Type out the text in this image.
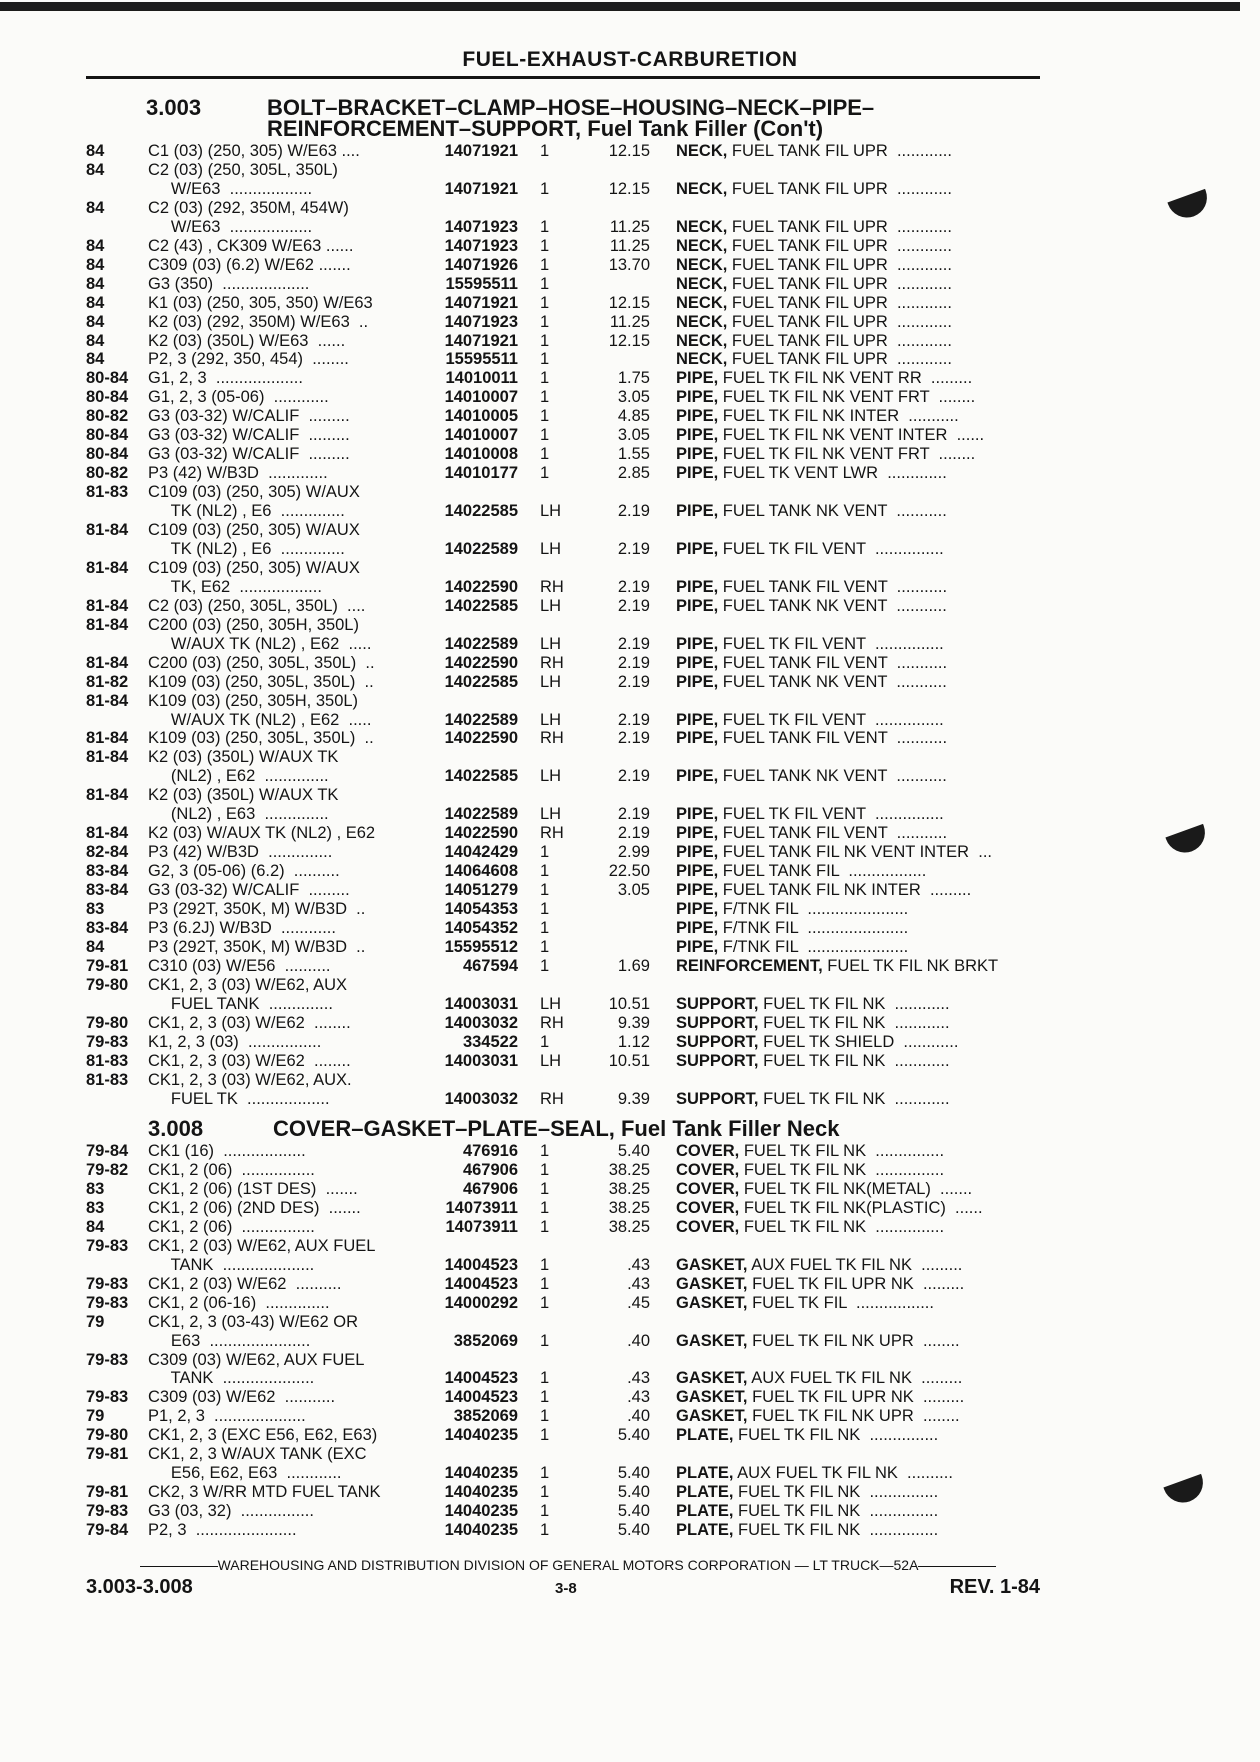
FUEL-EXHAUST-CARBURETION
3.003	BOLT–BRACKET–CLAMP–HOSE–HOUSING–NECK–PIPE–
REINFORCEMENT–SUPPORT, Fuel Tank Filler (Con't)
3.008	COVER–GASKET–PLATE–SEAL, Fuel Tank Filler Neck
84	C1 (03) (250, 305) W/E63 ....	14071921 1	12.15 NECK, FUEL TANK FIL UPR  ............
84	C2 (03) (250, 305L, 350L)
W/E63  ..................	14071921 1	12.15 NECK, FUEL TANK FIL UPR  ............
84	C2 (03) (292, 350M, 454W)
W/E63  ..................	14071923 1	11.25 NECK, FUEL TANK FIL UPR  ............
84	C2 (43) , CK309 W/E63 ......	14071923 1	11.25 NECK, FUEL TANK FIL UPR  ............
84	C309 (03) (6.2) W/E62 .......	14071926 1	13.70 NECK, FUEL TANK FIL UPR  ............
84	G3 (350)  ...................	15595511 1	NECK, FUEL TANK FIL UPR  ............
84	K1 (03) (250, 305, 350) W/E63	14071921 1	12.15 NECK, FUEL TANK FIL UPR  ............
84	K2 (03) (292, 350M) W/E63  ..	14071923 1	11.25 NECK, FUEL TANK FIL UPR  ............
84	K2 (03) (350L) W/E63  ......	14071921 1	12.15 NECK, FUEL TANK FIL UPR  ............
84	P2, 3 (292, 350, 454)  ........	15595511 1	NECK, FUEL TANK FIL UPR  ............
80-84 G1, 2, 3  ...................	14010011 1	1.75 PIPE, FUEL TK FIL NK VENT RR  .........
80-84 G1, 2, 3 (05-06)  ............	14010007 1	3.05 PIPE, FUEL TK FIL NK VENT FRT  ........
80-82 G3 (03-32) W/CALIF  .........	14010005 1	4.85 PIPE, FUEL TK FIL NK INTER  ...........
80-84 G3 (03-32) W/CALIF  .........	14010007 1	3.05 PIPE, FUEL TK FIL NK VENT INTER  ......
80-84 G3 (03-32) W/CALIF  .........	14010008 1	1.55 PIPE, FUEL TK FIL NK VENT FRT  ........
80-82 P3 (42) W/B3D  .............	14010177 1	2.85 PIPE, FUEL TK VENT LWR  .............
81-83 C109 (03) (250, 305) W/AUX
TK (NL2) , E6  ..............	14022585 LH	2.19 PIPE, FUEL TANK NK VENT  ...........
81-84 C109 (03) (250, 305) W/AUX
TK (NL2) , E6  ..............	14022589 LH	2.19 PIPE, FUEL TK FIL VENT  ...............
81-84 C109 (03) (250, 305) W/AUX
TK, E62  ..................	14022590 RH	2.19 PIPE, FUEL TANK FIL VENT  ...........
81-84 C2 (03) (250, 305L, 350L)  ....	14022585 LH	2.19 PIPE, FUEL TANK NK VENT  ...........
81-84 C200 (03) (250, 305H, 350L)
W/AUX TK (NL2) , E62  .....	14022589 LH	2.19 PIPE, FUEL TK FIL VENT  ...............
81-84 C200 (03) (250, 305L, 350L)  ..	14022590 RH	2.19 PIPE, FUEL TANK FIL VENT  ...........
81-82 K109 (03) (250, 305L, 350L)  ..	14022585 LH	2.19 PIPE, FUEL TANK NK VENT  ...........
81-84 K109 (03) (250, 305H, 350L)
W/AUX TK (NL2) , E62  .....	14022589 LH	2.19 PIPE, FUEL TK FIL VENT  ...............
81-84 K109 (03) (250, 305L, 350L)  ..	14022590 RH	2.19 PIPE, FUEL TANK FIL VENT  ...........
81-84 K2 (03) (350L) W/AUX TK
(NL2) , E62  ..............	14022585 LH	2.19 PIPE, FUEL TANK NK VENT  ...........
81-84 K2 (03) (350L) W/AUX TK
(NL2) , E63  ..............	14022589 LH	2.19 PIPE, FUEL TK FIL VENT  ...............
81-84 K2 (03) W/AUX TK (NL2) , E62	14022590 RH	2.19 PIPE, FUEL TANK FIL VENT  ...........
82-84 P3 (42) W/B3D  ..............	14042429 1	2.99 PIPE, FUEL TANK FIL NK VENT INTER  ...
83-84 G2, 3 (05-06) (6.2)  ..........	14064608 1	22.50 PIPE, FUEL TANK FIL  .................
83-84 G3 (03-32) W/CALIF  .........	14051279 1	3.05 PIPE, FUEL TANK FIL NK INTER  .........
83	P3 (292T, 350K, M) W/B3D  ..	14054353 1	PIPE, F/TNK FIL  ......................
83-84 P3 (6.2J) W/B3D  ............	14054352 1	PIPE, F/TNK FIL  ......................
84	P3 (292T, 350K, M) W/B3D  ..	15595512 1	PIPE, F/TNK FIL  ......................
79-81 C310 (03) W/E56  ..........	467594 1	1.69 REINFORCEMENT, FUEL TK FIL NK BRKT
79-80 CK1, 2, 3 (03) W/E62, AUX
FUEL TANK  ..............	14003031 LH	10.51 SUPPORT, FUEL TK FIL NK  ............
79-80 CK1, 2, 3 (03) W/E62  ........	14003032 RH	9.39 SUPPORT, FUEL TK FIL NK  ............
79-83 K1, 2, 3 (03)  ................	334522 1	1.12 SUPPORT, FUEL TK SHIELD  ............
81-83 CK1, 2, 3 (03) W/E62  ........	14003031 LH	10.51 SUPPORT, FUEL TK FIL NK  ............
81-83 CK1, 2, 3 (03) W/E62, AUX.
FUEL TK  ..................	14003032 RH	9.39 SUPPORT, FUEL TK FIL NK  ............
79-84 CK1 (16)  ..................	476916 1	5.40 COVER, FUEL TK FIL NK  ...............
79-82 CK1, 2 (06)  ................	467906 1	38.25 COVER, FUEL TK FIL NK  ...............
83	CK1, 2 (06) (1ST DES)  .......	467906 1	38.25 COVER, FUEL TK FIL NK(METAL)  .......
83	CK1, 2 (06) (2ND DES)  .......	14073911 1	38.25 COVER, FUEL TK FIL NK(PLASTIC)  ......
84	CK1, 2 (06)  ................	14073911 1	38.25 COVER, FUEL TK FIL NK  ...............
79-83 CK1, 2 (03) W/E62, AUX FUEL
TANK  ....................	14004523 1	.43 GASKET, AUX FUEL TK FIL NK  .........
79-83 CK1, 2 (03) W/E62  ..........	14004523 1	.43 GASKET, FUEL TK FIL UPR NK  .........
79-83 CK1, 2 (06-16)  ..............	14000292 1	.45 GASKET, FUEL TK FIL  .................
79	CK1, 2, 3 (03-43) W/E62 OR
E63  ......................	3852069 1	.40 GASKET, FUEL TK FIL NK UPR  ........
79-83 C309 (03) W/E62, AUX FUEL
TANK  ....................	14004523 1	.43 GASKET, AUX FUEL TK FIL NK  .........
79-83 C309 (03) W/E62  ...........	14004523 1	.43 GASKET, FUEL TK FIL UPR NK  .........
79	P1, 2, 3  ....................	3852069 1	.40 GASKET, FUEL TK FIL NK UPR  ........
79-80 CK1, 2, 3 (EXC E56, E62, E63)	14040235 1	5.40 PLATE, FUEL TK FIL NK  ...............
79-81 CK1, 2, 3 W/AUX TANK (EXC
E56, E62, E63  ............	14040235 1	5.40 PLATE, AUX FUEL TK FIL NK  ..........
79-81 CK2, 3 W/RR MTD FUEL TANK	14040235 1	5.40 PLATE, FUEL TK FIL NK  ...............
79-83 G3 (03, 32)  ................	14040235 1	5.40 PLATE, FUEL TK FIL NK  ...............
79-84 P2, 3  ......................	14040235 1	5.40 PLATE, FUEL TK FIL NK  ...............
WAREHOUSING AND DISTRIBUTION DIVISION OF GENERAL MOTORS CORPORATION — LT TRUCK—52A
3.003-3.008	3-8	REV. 1-84
